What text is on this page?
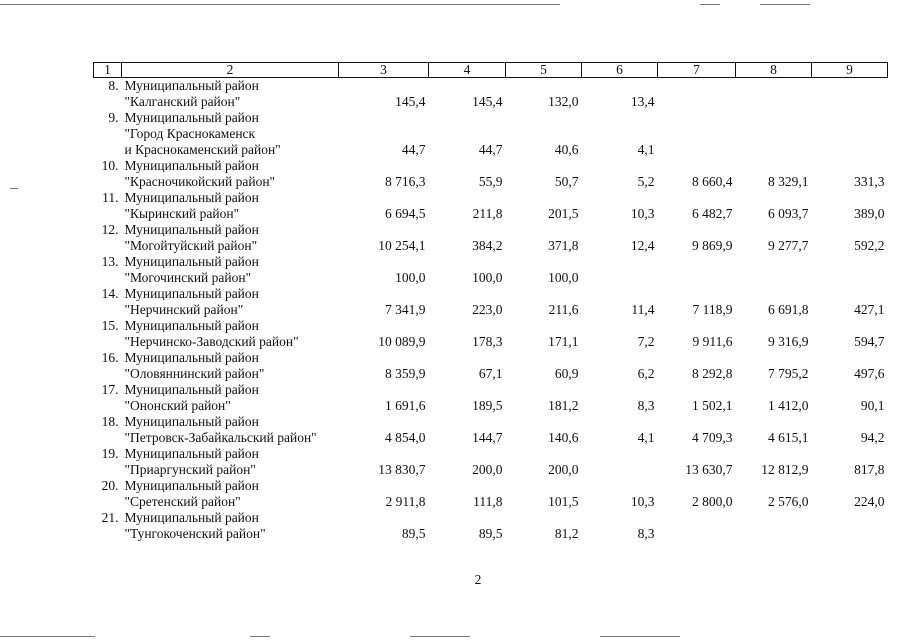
1	2	3	4	5	6	7	8	9
8.	Муниципальный район							
	"Калганский район"	145,4	145,4	132,0	13,4			
9.	Муниципальный район							
	"Город Краснокаменск							
	и Краснокаменский район"	44,7	44,7	40,6	4,1			
10.	Муниципальный район							
	"Красночикойский район"	8 716,3	55,9	50,7	5,2	8 660,4	8 329,1	331,3
11.	Муниципальный район							
	"Кыринский район"	6 694,5	211,8	201,5	10,3	6 482,7	6 093,7	389,0
12.	Муниципальный район							
	"Могойтуйский район"	10 254,1	384,2	371,8	12,4	9 869,9	9 277,7	592,2
13.	Муниципальный район							
	"Могочинский район"	100,0	100,0	100,0				
14.	Муниципальный район							
	"Нерчинский район"	7 341,9	223,0	211,6	11,4	7 118,9	6 691,8	427,1
15.	Муниципальный район							
	"Нерчинско-Заводский район"	10 089,9	178,3	171,1	7,2	9 911,6	9 316,9	594,7
16.	Муниципальный район							
	"Оловяннинский район"	8 359,9	67,1	60,9	6,2	8 292,8	7 795,2	497,6
17.	Муниципальный район							
	"Ононский район"	1 691,6	189,5	181,2	8,3	1 502,1	1 412,0	90,1
18.	Муниципальный район							
	"Петровск-Забайкальский район"	4 854,0	144,7	140,6	4,1	4 709,3	4 615,1	94,2
19.	Муниципальный район							
	"Приаргунский район"	13 830,7	200,0	200,0		13 630,7	12 812,9	817,8
20.	Муниципальный район							
	"Сретенский район"	2 911,8	111,8	101,5	10,3	2 800,0	2 576,0	224,0
21.	Муниципальный район							
	"Тунгокоченский район"	89,5	89,5	81,2	8,3			
2
